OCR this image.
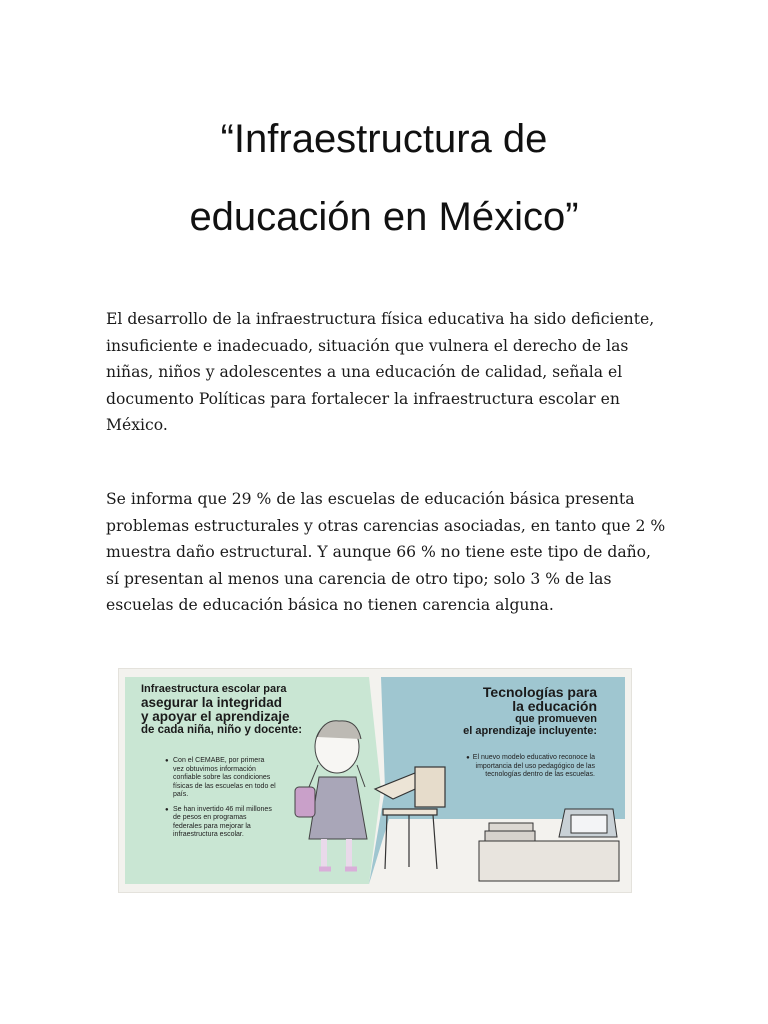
“Infraestructura de
educación en México”

El desarrollo de la infraestructura física educativa ha sido deficiente, insuficiente e inadecuado, situación que vulnera el derecho de las niñas, niños y adolescentes a una educación de calidad, señala el documento Políticas para fortalecer la infraestructura escolar en México.

Se informa que 29 % de las escuelas de educación básica presenta problemas estructurales y otras carencias asociadas, en tanto que 2 % muestra daño estructural. Y aunque 66 % no tiene este tipo de daño, sí presentan al menos una carencia de otro tipo; solo 3 % de las escuelas de educación básica no tienen carencia alguna.

Infraestructura escolar para
asegurar la integridad
y apoyar el aprendizaje
de cada niña, niño y docente:
● Con el CEMABE, por primera vez obtuvimos información confiable sobre las condiciones físicas de las escuelas en todo el país.
● Se han invertido 46 mil millones de pesos en programas federales para mejorar la infraestructura escolar.
Tecnologías para
la educación
que promueven
el aprendizaje incluyente:
● El nuevo modelo educativo reconoce la importancia del uso pedagógico de las tecnologías dentro de las escuelas.
